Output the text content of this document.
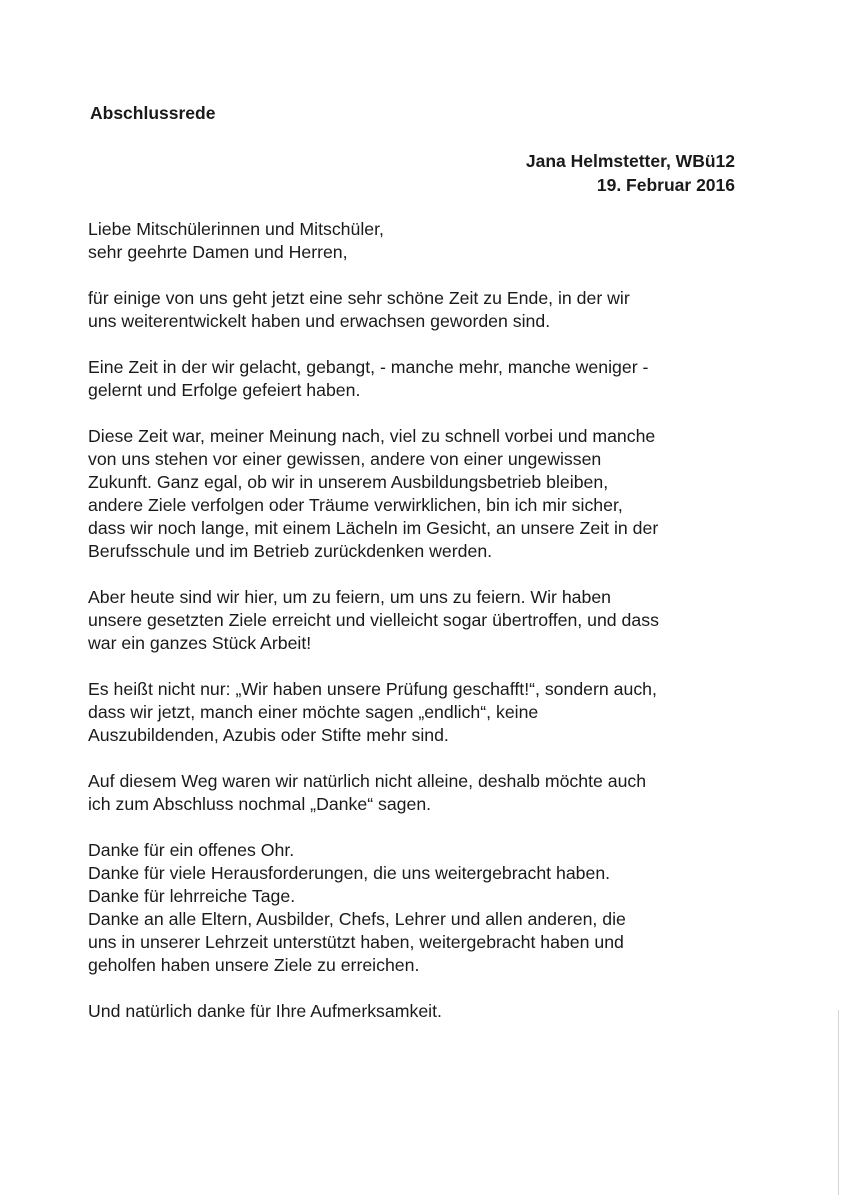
Abschlussrede
Jana Helmstetter, WBü12
19. Februar 2016

Liebe Mitschülerinnen und Mitschüler,
sehr geehrte Damen und Herren,

für einige von uns geht jetzt eine sehr schöne Zeit zu Ende, in der wir
uns weiterentwickelt haben und erwachsen geworden sind.

Eine Zeit in der wir gelacht, gebangt, - manche mehr, manche weniger -
gelernt und Erfolge gefeiert haben.

Diese Zeit war, meiner Meinung nach, viel zu schnell vorbei und manche
von uns stehen vor einer gewissen, andere von einer ungewissen
Zukunft. Ganz egal, ob wir in unserem Ausbildungsbetrieb bleiben,
andere Ziele verfolgen oder Träume verwirklichen, bin ich mir sicher,
dass wir noch lange, mit einem Lächeln im Gesicht, an unsere Zeit in der
Berufsschule und im Betrieb zurückdenken werden.

Aber heute sind wir hier, um zu feiern, um uns zu feiern. Wir haben
unsere gesetzten Ziele erreicht und vielleicht sogar übertroffen, und dass
war ein ganzes Stück Arbeit!

Es heißt nicht nur: „Wir haben unsere Prüfung geschafft!“, sondern auch,
dass wir jetzt, manch einer möchte sagen „endlich“, keine
Auszubildenden, Azubis oder Stifte mehr sind.

Auf diesem Weg waren wir natürlich nicht alleine, deshalb möchte auch
ich zum Abschluss nochmal „Danke“ sagen.

Danke für ein offenes Ohr.
Danke für viele Herausforderungen, die uns weitergebracht haben.
Danke für lehrreiche Tage.
Danke an alle Eltern, Ausbilder, Chefs, Lehrer und allen anderen, die
uns in unserer Lehrzeit unterstützt haben, weitergebracht haben und
geholfen haben unsere Ziele zu erreichen.

Und natürlich danke für Ihre Aufmerksamkeit.
